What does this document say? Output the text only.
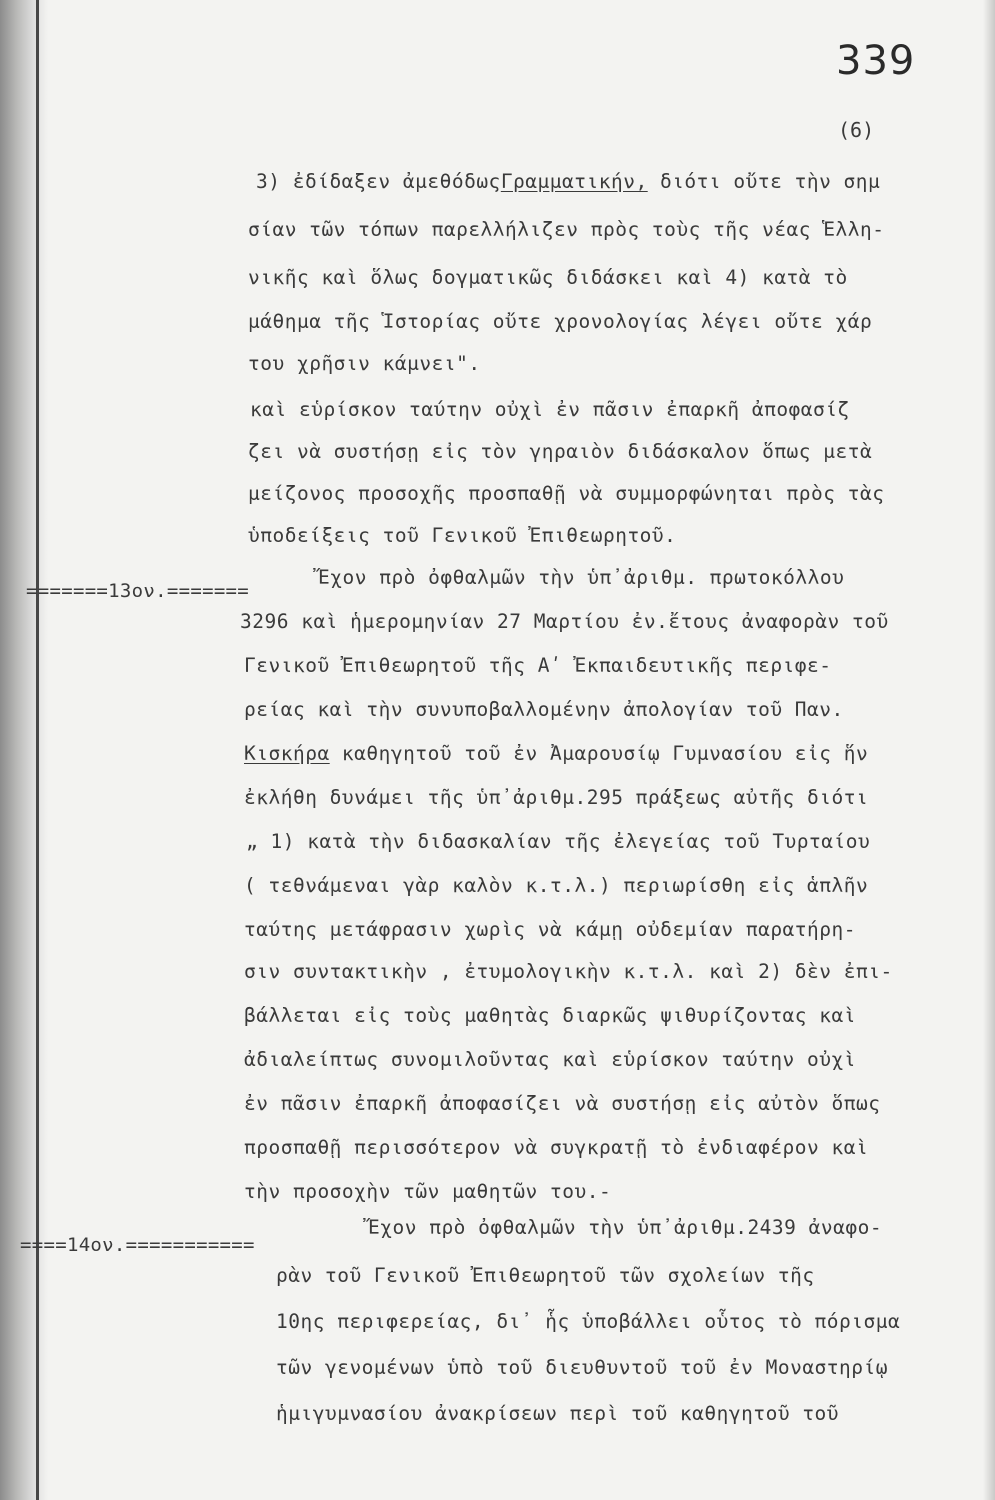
339
(6)
3) ἐδίδαξεν ἀμεθόδωςΓραμματικήν, διότι οὔτε τὴν σημ
σίαν τῶν τόπων παρελλήλιζεν πρὸς τοὺς τῆς νέας Ἑλλη-
νικῆς καὶ ὅλως δογματικῶς διδάσκει καὶ 4) κατὰ τὸ
μάθημα τῆς Ἱστορίας οὔτε χρονολογίας λέγει οὔτε χάρ
του χρῆσιν κάμνει".
καὶ εὑρίσκον ταύτην οὐχὶ ἐν πᾶσιν ἐπαρκῆ ἀποφασίζ
ζει νὰ συστήσῃ εἰς τὸν γηραιὸν διδάσκαλον ὅπως μετὰ
μείζονος προσοχῆς προσπαθῇ νὰ συμμορφώνηται πρὸς τὰς
ὑποδείξεις τοῦ Γενικοῦ Ἐπιθεωρητοῦ.
=======13ον.=======
Ἔχον πρὸ ὀφθαλμῶν τὴν ὑπ᾽ἀριθμ. πρωτοκόλλου
3296 καὶ ἡμερομηνίαν 27 Μαρτίου ἐν.ἔτους ἀναφορὰν τοῦ
Γενικοῦ Ἐπιθεωρητοῦ τῆς Αʹ Ἐκπαιδευτικῆς περιφε-
ρείας καὶ τὴν συνυποβαλλομένην ἀπολογίαν τοῦ Παν.
Κισκήρα καθηγητοῦ τοῦ ἐν Ἀμαρουσίῳ Γυμνασίου εἰς ἥν
ἐκλήθη δυνάμει τῆς ὑπ᾽ἀριθμ.295 πράξεως αὐτῆς διότι
„ 1) κατὰ τὴν διδασκαλίαν τῆς ἐλεγείας τοῦ Τυρταίου
( τεθνάμεναι γὰρ καλὸν κ.τ.λ.) περιωρίσθη εἰς ἁπλῆν
ταύτης μετάφρασιν χωρὶς νὰ κάμῃ οὐδεμίαν παρατήρη-
σιν συντακτικὴν , ἐτυμολογικὴν κ.τ.λ. καὶ 2) δὲν ἐπι-
βάλλεται εἰς τοὺς μαθητὰς διαρκῶς ψιθυρίζοντας καὶ
ἀδιαλείπτως συνομιλοῦντας καὶ εὑρίσκον ταύτην οὐχὶ
ἐν πᾶσιν ἐπαρκῆ ἀποφασίζει νὰ συστήσῃ εἰς αὐτὸν ὅπως
προσπαθῇ περισσότερον νὰ συγκρατῇ τὸ ἐνδιαφέρον καὶ
τὴν προσοχὴν τῶν μαθητῶν του.-
====14ον.===========
Ἔχον πρὸ ὀφθαλμῶν τὴν ὑπ᾽ἀριθμ.2439 ἀναφο-
ρὰν τοῦ Γενικοῦ Ἐπιθεωρητοῦ τῶν σχολείων τῆς
10ης περιφερείας, δι᾽ ἧς ὑποβάλλει οὗτος τὸ πόρισμα
τῶν γενομένων ὑπὸ τοῦ διευθυντοῦ τοῦ ἐν Μοναστηρίῳ
ἡμιγυμνασίου ἀνακρίσεων περὶ τοῦ καθηγητοῦ τοῦ
